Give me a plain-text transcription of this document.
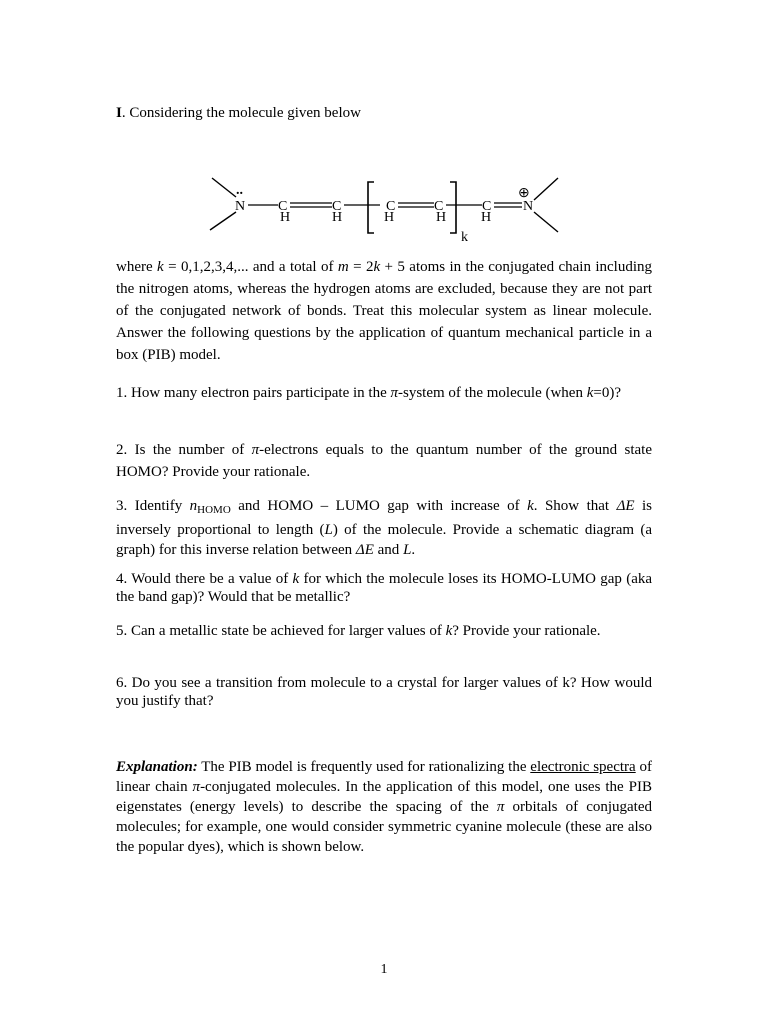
I. Considering the molecule given below

..
N C
H
C
H
C
H
C
H
k
C
H
⊕
N

where k = 0,1,2,3,4,... and a total of m = 2k + 5 atoms in the conjugated chain including the nitrogen atoms, whereas the hydrogen atoms are excluded, because they are not part of the conjugated network of bonds. Treat this molecular system as linear molecule. Answer the following questions by the application of quantum mechanical particle in a box (PIB) model.

1. How many electron pairs participate in the π-system of the molecule (when k=0)?

2. Is the number of π-electrons equals to the quantum number of the ground state HOMO? Provide your rationale.

3. Identify $n_{HOMO}$ and HOMO – LUMO gap with increase of k. Show that ΔE is inversely proportional to length (L) of the molecule. Provide a schematic diagram (a graph) for this inverse relation between ΔE and L.

4. Would there be a value of k for which the molecule loses its HOMO-LUMO gap (aka the band gap)? Would that be metallic?

5. Can a metallic state be achieved for larger values of k? Provide your rationale.

6. Do you see a transition from molecule to a crystal for larger values of k? How would you justify that?

Explanation: The PIB model is frequently used for rationalizing the electronic spectra of linear chain π-conjugated molecules. In the application of this model, one uses the PIB eigenstates (energy levels) to describe the spacing of the π orbitals of conjugated molecules; for example, one would consider symmetric cyanine molecule (these are also the popular dyes), which is shown below.

1
